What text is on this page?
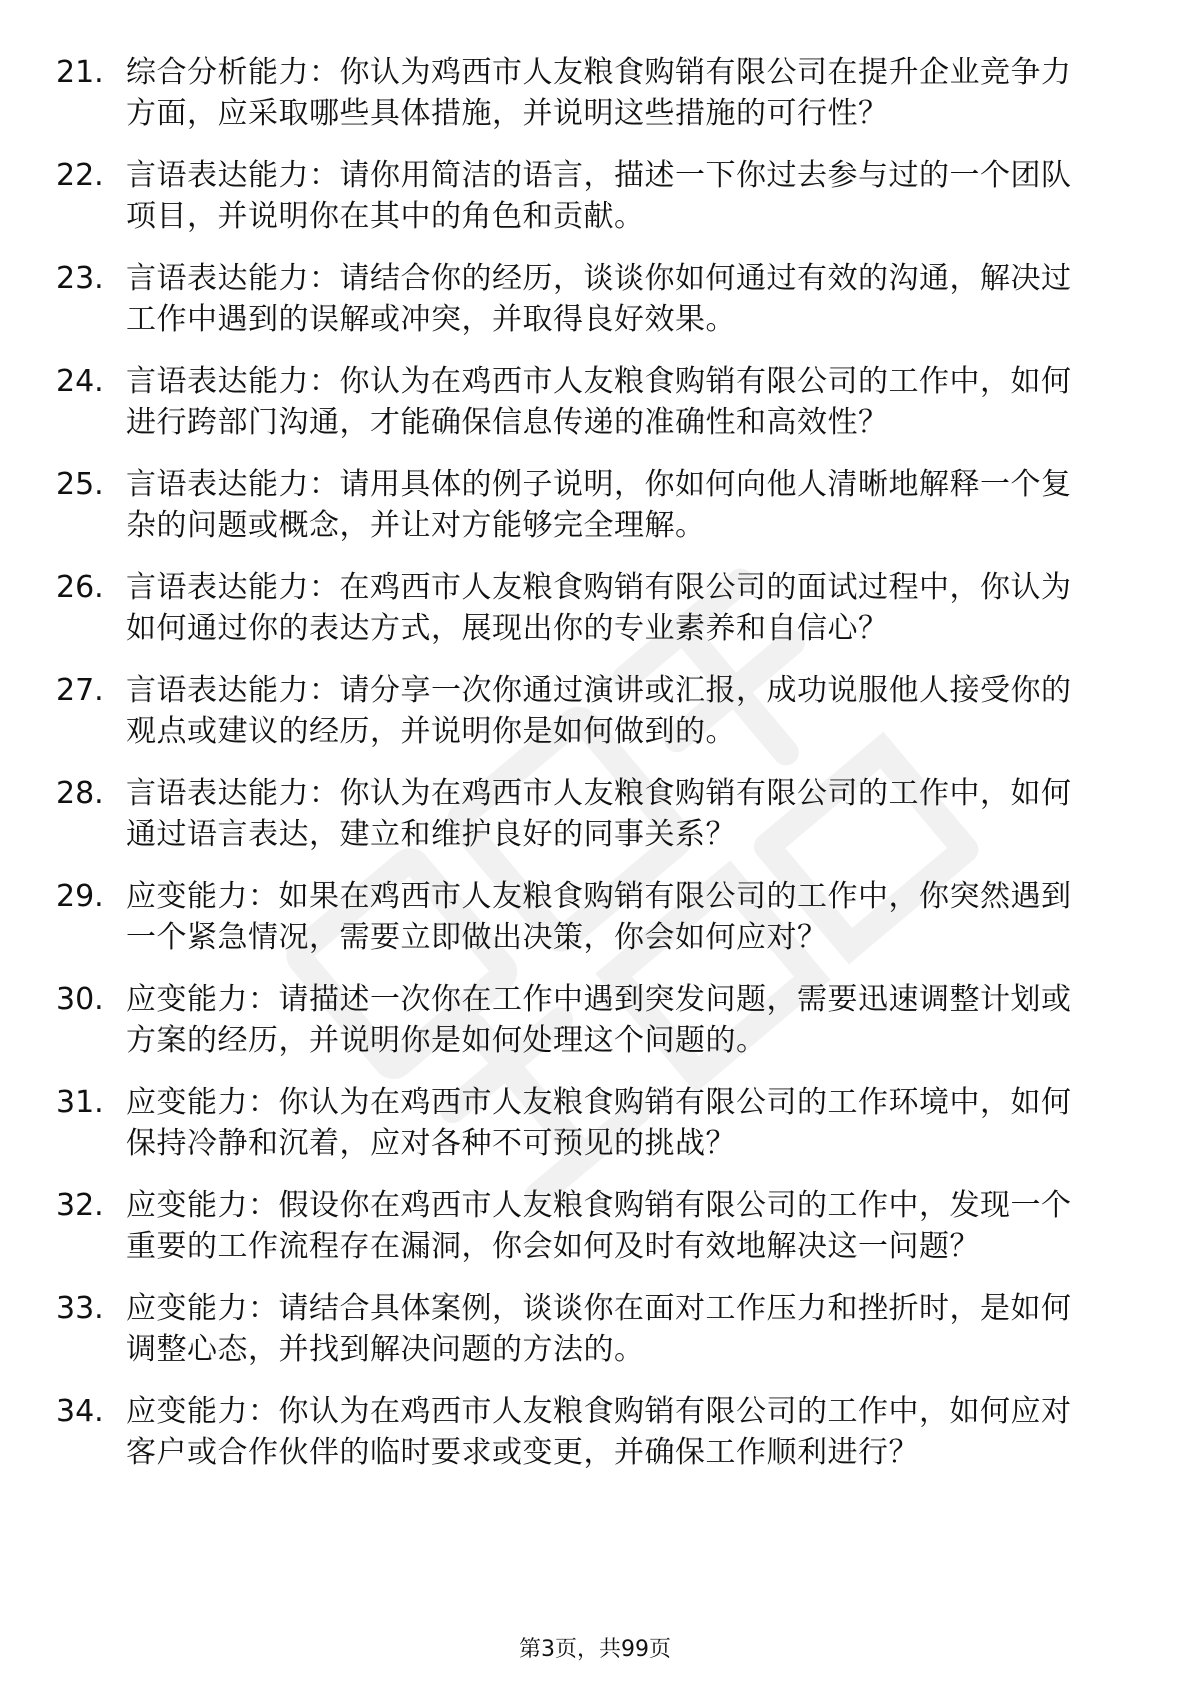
21. 综合分析能力：你认为鸡西市人友粮食购销有限公司在提升企业竞争力方面，应采取哪些具体措施，并说明这些措施的可行性？
22. 言语表达能力：请你用简洁的语言，描述一下你过去参与过的一个团队项目，并说明你在其中的角色和贡献。
23. 言语表达能力：请结合你的经历，谈谈你如何通过有效的沟通，解决过工作中遇到的误解或冲突，并取得良好效果。
24. 言语表达能力：你认为在鸡西市人友粮食购销有限公司的工作中，如何进行跨部门沟通，才能确保信息传递的准确性和高效性？
25. 言语表达能力：请用具体的例子说明，你如何向他人清晰地解释一个复杂的问题或概念，并让对方能够完全理解。
26. 言语表达能力：在鸡西市人友粮食购销有限公司的面试过程中，你认为如何通过你的表达方式，展现出你的专业素养和自信心？
27. 言语表达能力：请分享一次你通过演讲或汇报，成功说服他人接受你的观点或建议的经历，并说明你是如何做到的。
28. 言语表达能力：你认为在鸡西市人友粮食购销有限公司的工作中，如何通过语言表达，建立和维护良好的同事关系？
29. 应变能力：如果在鸡西市人友粮食购销有限公司的工作中，你突然遇到一个紧急情况，需要立即做出决策，你会如何应对？
30. 应变能力：请描述一次你在工作中遇到突发问题，需要迅速调整计划或方案的经历，并说明你是如何处理这个问题的。
31. 应变能力：你认为在鸡西市人友粮食购销有限公司的工作环境中，如何保持冷静和沉着，应对各种不可预见的挑战？
32. 应变能力：假设你在鸡西市人友粮食购销有限公司的工作中，发现一个重要的工作流程存在漏洞，你会如何及时有效地解决这一问题？
33. 应变能力：请结合具体案例，谈谈你在面对工作压力和挫折时，是如何调整心态，并找到解决问题的方法的。
34. 应变能力：你认为在鸡西市人友粮食购销有限公司的工作中，如何应对客户或合作伙伴的临时要求或变更，并确保工作顺利进行？
第3页，共99页
